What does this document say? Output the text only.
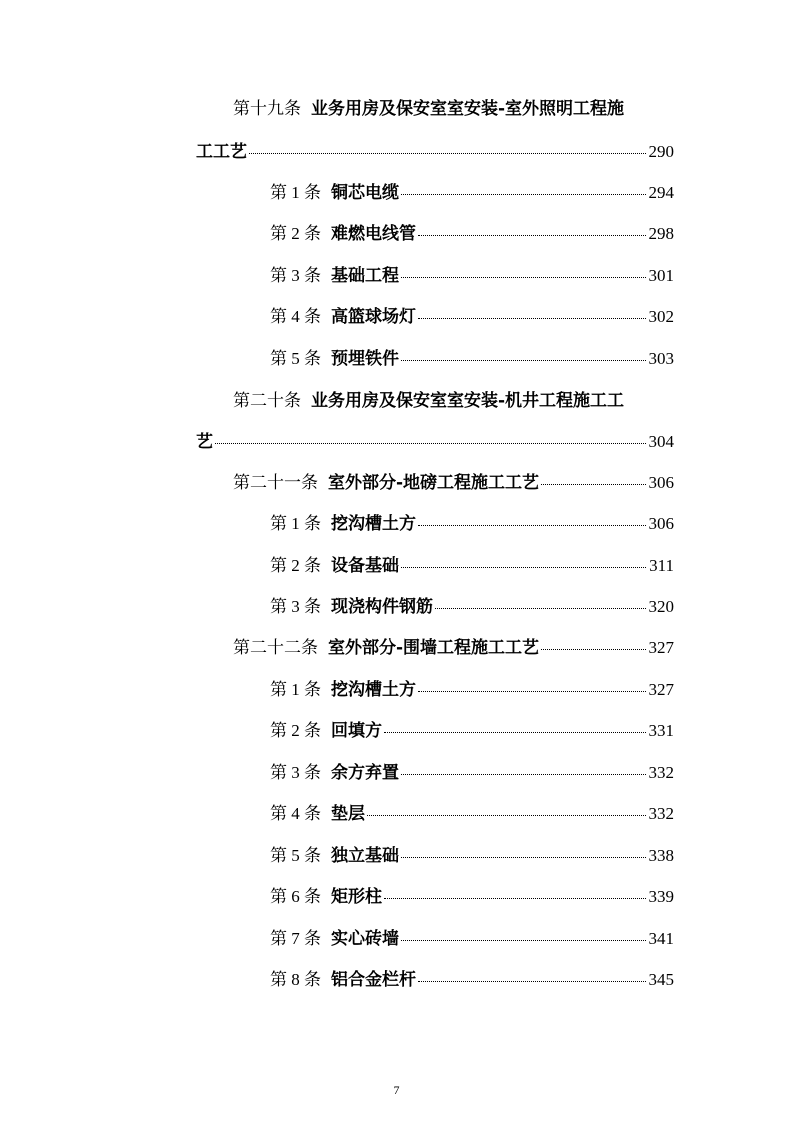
第十九条 业务用房及保安室室安装-室外照明工程施
工工艺	290
第 1 条 铜芯电缆	294
第 2 条 难燃电线管	298
第 3 条 基础工程	301
第 4 条 高篮球场灯	302
第 5 条 预埋铁件	303
第二十条 业务用房及保安室室安装-机井工程施工工
艺	304
第二十一条 室外部分-地磅工程施工工艺	306
第 1 条 挖沟槽土方	306
第 2 条 设备基础	311
第 3 条 现浇构件钢筋	320
第二十二条 室外部分-围墙工程施工工艺	327
第 1 条 挖沟槽土方	327
第 2 条 回填方	331
第 3 条 余方弃置	332
第 4 条 垫层	332
第 5 条 独立基础	338
第 6 条 矩形柱	339
第 7 条 实心砖墙	341
第 8 条 铝合金栏杆	345
7
